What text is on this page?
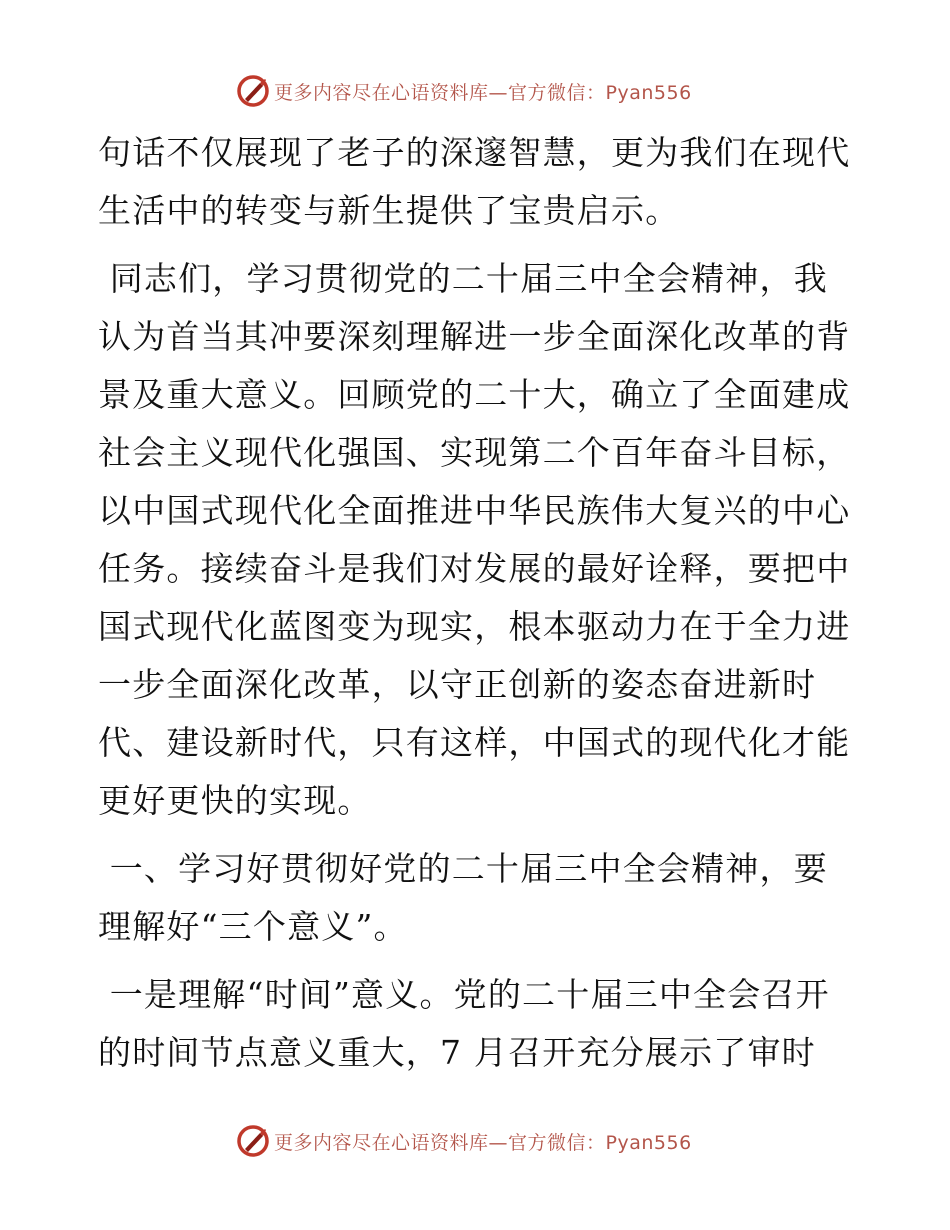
更多内容尽在心语资料库—官方微信：Pyan556

句话不仅展现了老子的深邃智慧，更为我们在现代生活中的转变与新生提供了宝贵启示。

同志们，学习贯彻党的二十届三中全会精神，我认为首当其冲要深刻理解进一步全面深化改革的背景及重大意义。回顾党的二十大，确立了全面建成社会主义现代化强国、实现第二个百年奋斗目标，以中国式现代化全面推进中华民族伟大复兴的中心任务。接续奋斗是我们对发展的最好诠释，要把中国式现代化蓝图变为现实，根本驱动力在于全力进一步全面深化改革，以守正创新的姿态奋进新时代、建设新时代，只有这样，中国式的现代化才能更好更快的实现。

一、学习好贯彻好党的二十届三中全会精神，要理解好“三个意义”。

一是理解“时间”意义。党的二十届三中全会召开的时间节点意义重大，7 月召开充分展示了审时

更多内容尽在心语资料库—官方微信：Pyan556
